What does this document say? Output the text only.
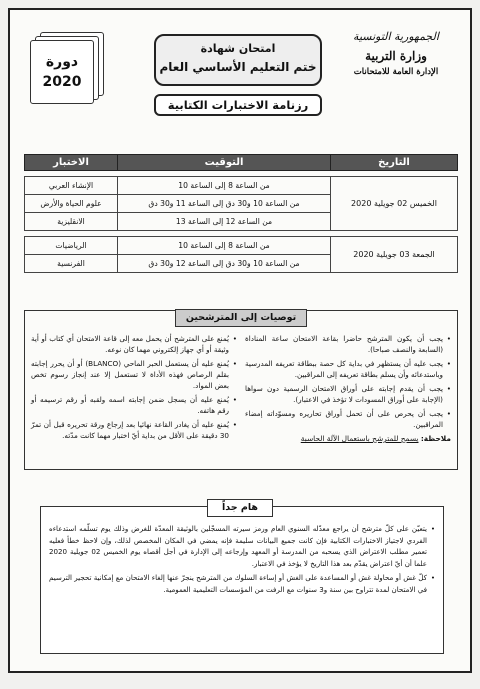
الجمهورية التونسية
وزارة التربية
الإدارة العامة للامتحانات
امتحان شهادة
ختم التعليم الأساسي العام
رزنامة الاختبارات الكتابية
دورة
2020
التاريخ	التوقيت	الاختبار

الخميس 02 جويلية 2020	من الساعة 8 إلى الساعة 10	الإنشاء العربي
	من الساعة 10 و30 دق إلى الساعة 11 و30 دق	علوم الحياة والأرض
	من الساعة 12 إلى الساعة 13	الانقليزية

الجمعة 03 جويلية 2020	من الساعة 8 إلى الساعة 10	الرياضيات
	من الساعة 10 و30 دق إلى الساعة 12 و30 دق	الفرنسية
توصيات إلى المترشحين
• يجب أن يكون المترشح حاضرا بقاعة الامتحان ساعة المناداة (السابعة والنصف صباحا).
• يجب عليه أن يستظهر في بداية كل حصة ببطاقة تعريفه المدرسية وباستدعائه وأن يسلم بطاقة تعريفه إلى المراقبين.
• يجب أن يقدم إجابته على أوراق الامتحان الرسمية دون سواها (الإجابة على أوراق المسودات لا تؤخذ في الاعتبار).
• يجب أن يحرص على أن تحمل أوراق تحاريره ومسوّداته إمضاء المراقبين.
ملاحظة: يسمح للمترشح باستعمال الآلة الحاسبة
• يُمنع على المترشح أن يحمل معه إلى قاعة الامتحان أي كتاب أو أية وثيقة أو أي جهاز إلكتروني مهما كان نوعه.
• يُمنع عليه أن يستعمل الحبر الماحي (BLANCO) أو أن يحرر إجابته بقلم الرصاص فهذه الأداة لا تستعمل إلا عند إنجاز رسوم تخص بعض المواد.
• يُمنع عليه أن يسجل ضمن إجابته اسمه ولقبه أو رقم ترسيمه أو رقم هاتفه.
• يُمنع عليه أن يغادر القاعة نهائيا بعد إرجاع ورقة تحريره قبل أن تمرّ 30 دقيقة على الأقل من بداية أيّ اختبار مهما كانت مدّته.
هام جداً
• يتعيّن على كلّ مترشح أن يراجع معدّله السنوي العام ورمز سيرته المسجّلين بالوثيقة المعدّة للغرض وذلك يوم تسلّمه استدعاءه الفردي لاجتياز الاختبارات الكتابية فإن كانت جميع البيانات سليمة فإنه يمضي في المكان المخصص لذلك، وإن لاحظ خطأ فعليه تعمير مطلب الاعتراض الذي يسحبه من المدرسة أو المعهد وإرجاعه إلى الإدارة في أجل أقصاه يوم الخميس 02 جويلية 2020 علما أن أيّ اعتراض يقدّم بعد هذا التاريخ لا يؤخذ في الاعتبار.
• كلّ غش أو محاولة غش أو المساعدة على الغش أو إساءة السلوك من المترشح ينجرّ عنها إلغاء الامتحان مع إمكانية تحجير الترسيم في الامتحان لمدة تتراوح بين سنة و3 سنوات مع الرفت من المؤسسات التعليمية العمومية.
